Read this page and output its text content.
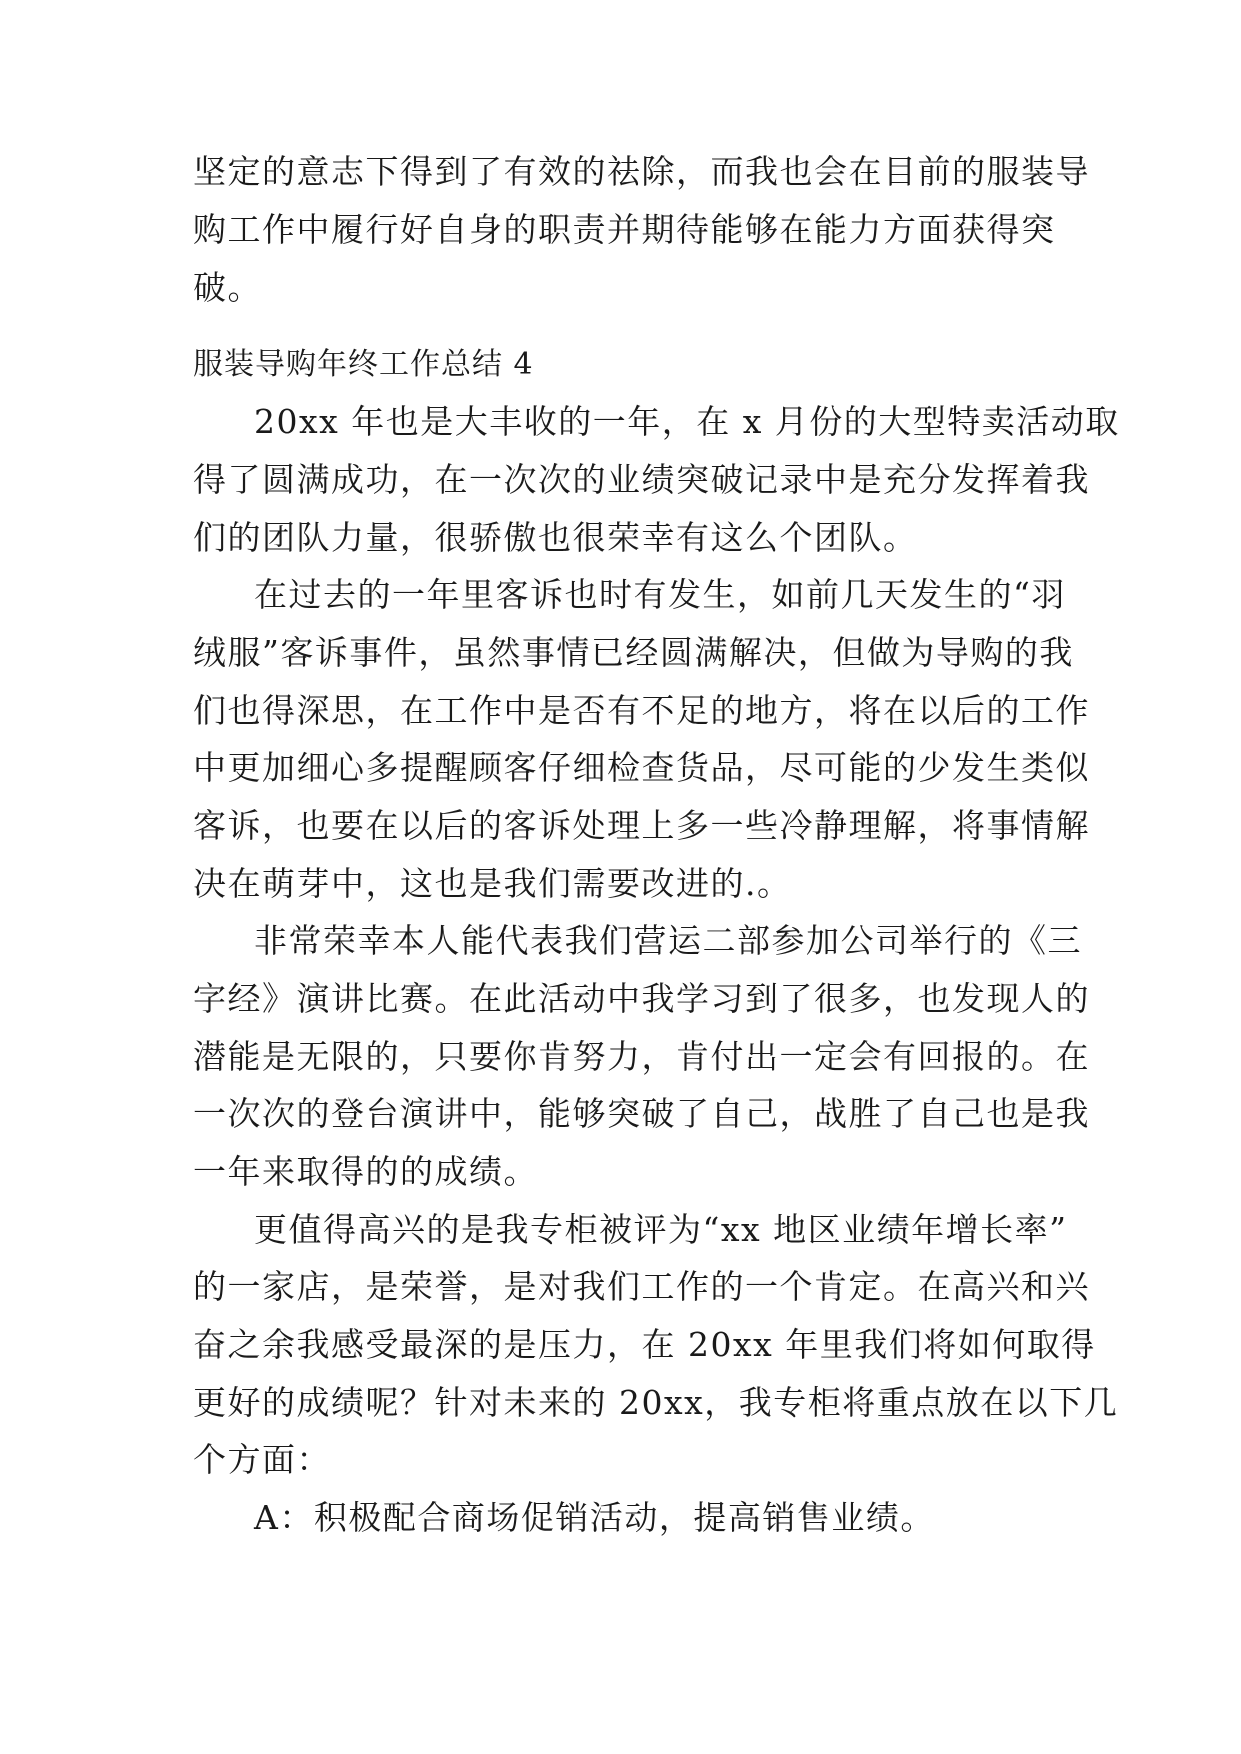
坚定的意志下得到了有效的祛除，而我也会在目前的服装导
购工作中履行好自身的职责并期待能够在能力方面获得突
破。
服装导购年终工作总结 4
20xx 年也是大丰收的一年，在 x 月份的大型特卖活动取
得了圆满成功，在一次次的业绩突破记录中是充分发挥着我
们的团队力量，很骄傲也很荣幸有这么个团队。
在过去的一年里客诉也时有发生，如前几天发生的“羽
绒服”客诉事件，虽然事情已经圆满解决，但做为导购的我
们也得深思，在工作中是否有不足的地方，将在以后的工作
中更加细心多提醒顾客仔细检查货品，尽可能的少发生类似
客诉，也要在以后的客诉处理上多一些冷静理解，将事情解
决在萌芽中，这也是我们需要改进的.。
非常荣幸本人能代表我们营运二部参加公司举行的《三
字经》演讲比赛。在此活动中我学习到了很多，也发现人的
潜能是无限的，只要你肯努力，肯付出一定会有回报的。在
一次次的登台演讲中，能够突破了自己，战胜了自己也是我
一年来取得的的成绩。
更值得高兴的是我专柜被评为“xx 地区业绩年增长率”
的一家店，是荣誉，是对我们工作的一个肯定。在高兴和兴
奋之余我感受最深的是压力，在 20xx 年里我们将如何取得
更好的成绩呢？针对未来的 20xx，我专柜将重点放在以下几
个方面：
A：积极配合商场促销活动，提高销售业绩。
